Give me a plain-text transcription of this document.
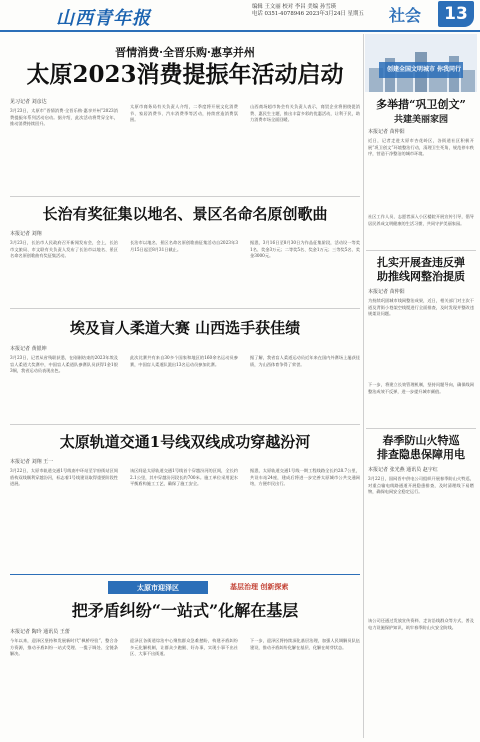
山西青年报
编辑 王文丽 校对 李昌 美编 孙雪瑛
电话 0351-4078946 2023年3月24日 星期五	社会	13
晋情消费·全晋乐购·惠享并州
太原2023消费提振年活动启动
见习记者 刘彦达
3月23日，太原市“晋情消费·全晋乐购·惠享并州”2023消费提振年系列活动启动。据介绍，此次活动将贯穿全年，推动消费持续回升。
太原市商务局有关负责人介绍，二季度将开展文化消费节、家居消费节、汽车消费季等活动，持续营造消费氛围。
山西商场超市协会有关负责人表示，商贸企业将围绕促消费、惠民生主题，推出丰富多彩的优惠活动，让利于民，助力消费市场全面回暖。
长治有奖征集以地名、景区名命名原创歌曲
本报记者 刘翔
3月23日，长治市人民政府召开新闻发布会，会上，长治市文旅局、市文联有关负责人发布了长治市以地名、景区名命名原创歌曲有奖征集活动。
长治市以地名、景区名命名原创歌曲征集活动自2023年3月15日起至8月31日截止。
据悉，3月16日至8月30日为作品征集阶段，活动设一等奖1名、奖金3万元；二等奖5名、奖金1万元；三等奖5名、奖金3000元。
埃及盲人柔道大赛 山西选手获佳绩
本报记者 黄银坤
3月23日，记者从省残联获悉，在刚刚结束的2023年埃及盲人柔道大奖赛中，中国盲人柔道队参赛队员获得1金1银3铜，我省运动员表现出色。
此次比赛共有来自30多个国家和地区的160余名运动员参赛，中国盲人柔道队派出13名运动员参加比赛。
据了解，我省盲人柔道运动员近年来在国内外赛场上屡获佳绩，为山西体育争得了荣誉。
太原轨道交通1号线双线成功穿越汾河
本报记者 刘翔 王一
3月22日，太原市轨道交通1号线南中环站至学府街站区间盾构双线顺利穿越汾河，标志着1号线建设取得重要阶段性进展。
该区间是太原轨道交通1号线首个穿越汾河的区间，全长约2.1公里，其中穿越汾河段长约700米。施工单位采用泥水平衡盾构施工工艺，确保了施工安全。
据悉，太原轨道交通1号线一期工程线路全长约28.7公里，共设车站24座，建成后将进一步完善太原城市公共交通网络，方便市民出行。
太原市迎泽区	基层治理 创新探索
把矛盾纠纷“一站式”化解在基层
本报记者 陶玲 通讯员 王蕾
今年以来，迎泽区坚持和发展新时代“枫桥经验”，整合各方资源，推动矛盾纠纷一站式受理、一揽子调处、全链条解决。
迎泽区各街道综治中心聚焦群众急难愁盼，构建矛盾纠纷多元化解机制，让群众少跑腿、好办事，实现小事不出社区、大事不出街道。
下一步，迎泽区将持续深化基层治理，加强人民调解员队伍建设，推动矛盾纠纷化解在基层、化解在萌芽状态。
创建全国文明城市 你我同行
多举措“巩卫创文”
共建美丽家园
本报记者 苗仲阳
近日，记者走进太原市杏花岭区，各街道社区积极开展“巩卫创文”环境整治行动，清理卫生死角，规范停车秩序，营造干净整洁的城市环境。
社区工作人员、志愿者深入小区楼院开展宣传引导，倡导居民养成文明健康的生活习惯，共同守护美丽家园。
扎实开展查违反弹
助推线网整治提质
本报记者 苗仲阳
为持续巩固城市线网整治成果，近日，相关部门对主次干道及背街小巷架空线缆进行全面排查，及时发现并整改违规架设问题。
下一步，将建立长效管理机制，坚持问题导向，确保线网整治成效不反弹，进一步提升城市颜值。
春季防山火特巡
排查隐患保障用电
本报记者 张光燕 通讯员 赵宇红
3月22日，国网晋中供电公司组织开展春季防山火特巡，对重点输电线路通道开展隐患排查，及时清理线下易燃物，确保电网安全稳定运行。
该公司还通过发放宣传资料、走访沿线群众等方式，普及电力设施保护知识，筑牢春季防山火安全防线。
